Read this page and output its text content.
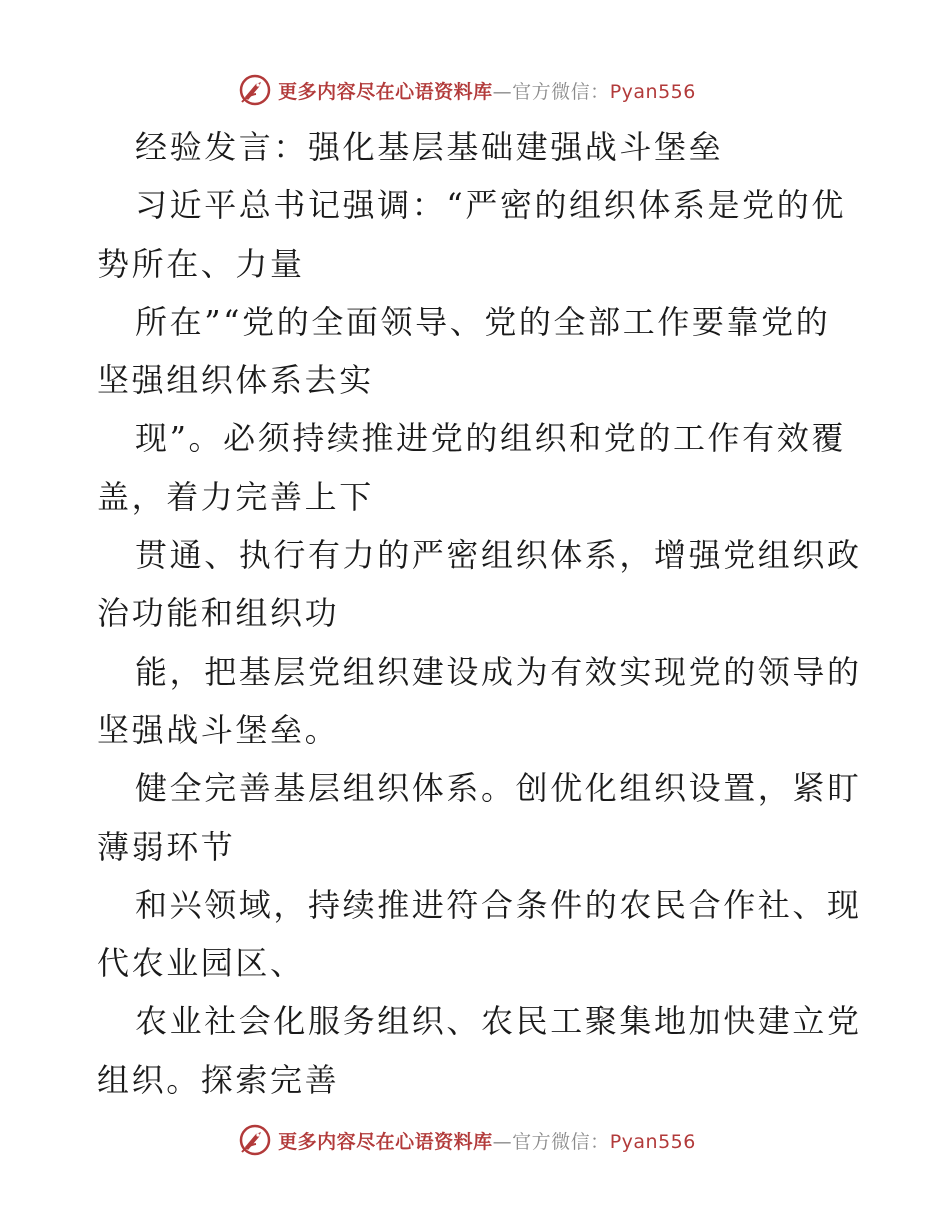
更多内容尽在心语资料库—官方微信：Pyan556
经验发言：强化基层基础建强战斗堡垒
习近平总书记强调：“严密的组织体系是党的优
势所在、力量
所在”“党的全面领导、党的全部工作要靠党的
坚强组织体系去实
现”。必须持续推进党的组织和党的工作有效覆
盖，着力完善上下
贯通、执行有力的严密组织体系，增强党组织政
治功能和组织功
能，把基层党组织建设成为有效实现党的领导的
坚强战斗堡垒。
健全完善基层组织体系。创优化组织设置，紧盯
薄弱环节
和兴领域，持续推进符合条件的农民合作社、现
代农业园区、
农业社会化服务组织、农民工聚集地加快建立党
组织。探索完善
更多内容尽在心语资料库—官方微信：Pyan556
